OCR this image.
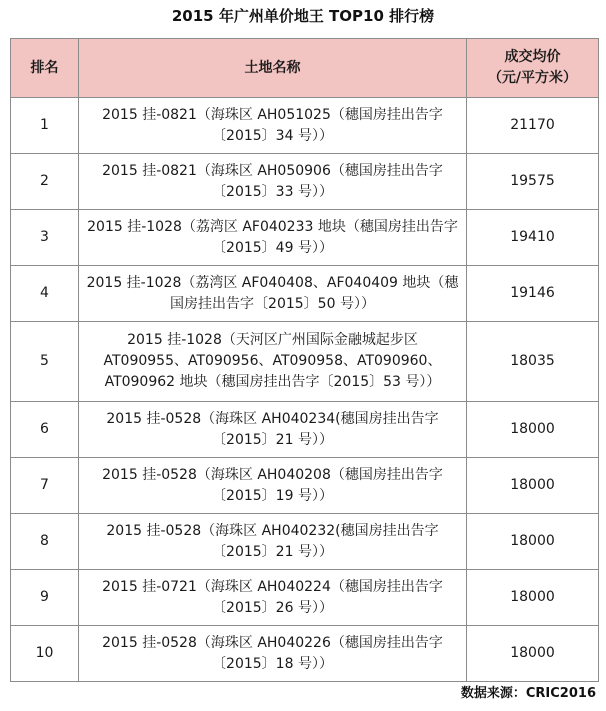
2015 年广州单价地王 TOP10 排行榜
排名	土地名称	成交均价
（元/平方米）

1	2015 挂-0821（海珠区 AH051025（穗国房挂出告字〔2015〕34 号））	21170
2	2015 挂-0821（海珠区 AH050906（穗国房挂出告字〔2015〕33 号））	19575
3	2015 挂-1028（荔湾区 AF040233 地块（穗国房挂出告字〔2015〕49 号））	19410
4	2015 挂-1028（荔湾区 AF040408、AF040409 地块（穗国房挂出告字〔2015〕50 号））	19146
5	2015 挂-1028（天河区广州国际金融城起步区 AT090955、AT090956、AT090958、AT090960、AT090962 地块（穗国房挂出告字〔2015〕53 号））	18035
6	2015 挂-0528（海珠区 AH040234(穗国房挂出告字〔2015〕21 号））	18000
7	2015 挂-0528（海珠区 AH040208（穗国房挂出告字〔2015〕19 号））	18000
8	2015 挂-0528（海珠区 AH040232(穗国房挂出告字〔2015〕21 号））	18000
9	2015 挂-0721（海珠区 AH040224（穗国房挂出告字〔2015〕26 号））	18000
10	2015 挂-0528（海珠区 AH040226（穗国房挂出告字〔2015〕18 号））	18000
数据来源：CRIC2016
